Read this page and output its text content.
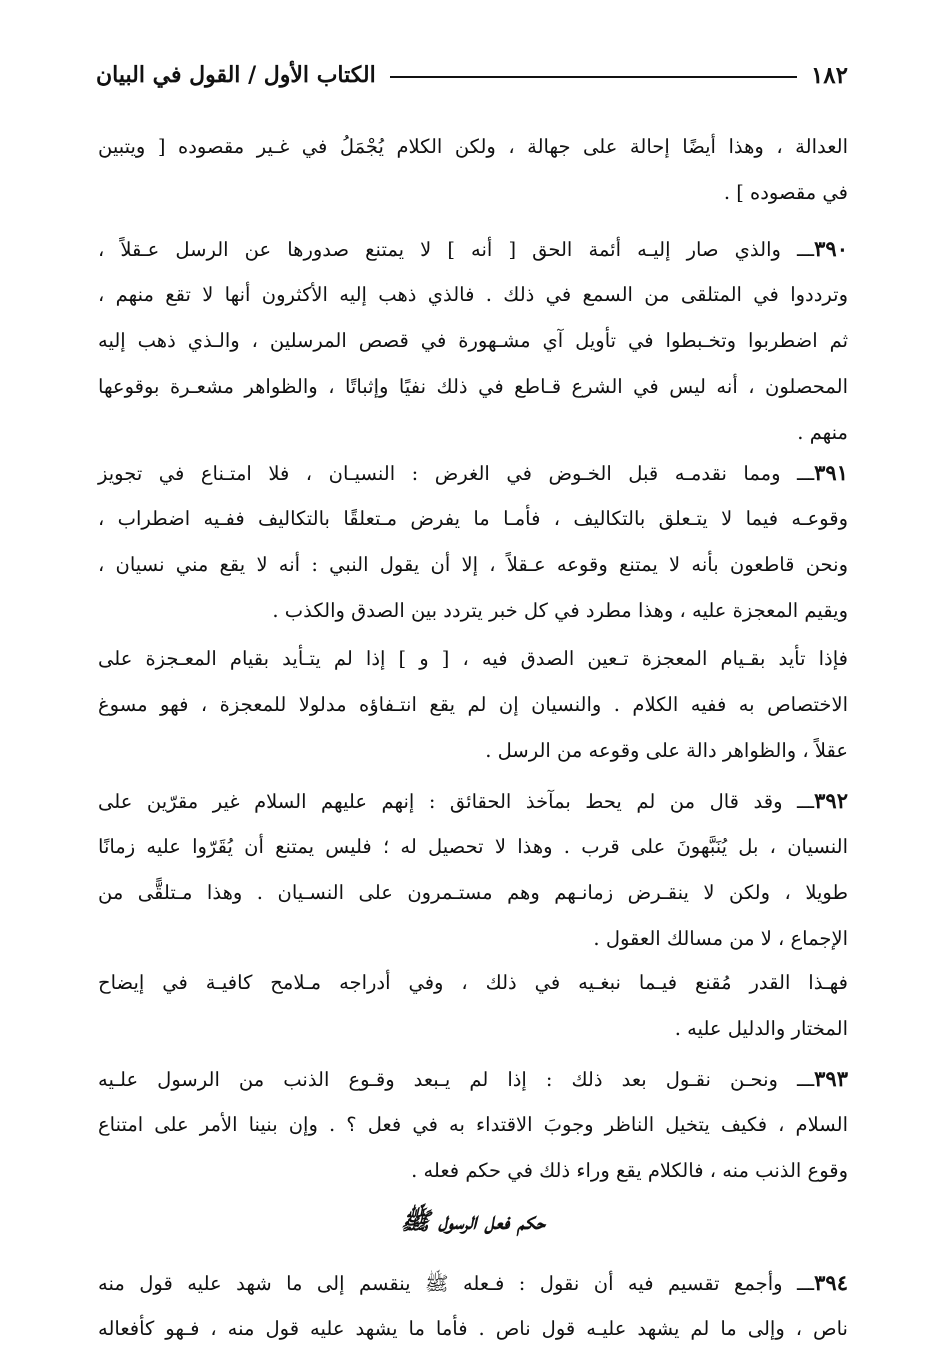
١٨٢
الكتاب الأول / القول في البيان
العدالة ، وهذا أيضًا إحالة على جهالة ، ولكن الكلام يُجْمَلُ في غـير مقصوده [ ويتبين
في مقصوده ] .
٣٩٠ـــ والذي صار إليـه أئمة الحق [ أنه ] لا يمتنع صدورها عن الرسل عـقلاً ،
وترددوا في المتلقى من السمع في ذلك . فالذي ذهب إليه الأكثرون أنها لا تقع منهم ،
ثم اضطربوا وتخـبطوا في تأويل آي مشـهورة في قصص المرسلين ، والـذي ذهب إليه
المحصلون ، أنه ليس في الشرع قـاطع في ذلك نفيًا وإثباتًا ، والظواهر مشعـرة بوقوعها
منهم .
٣٩١ـــ ومما نقدمـه قبل الخـوض في الغرض : النسيـان ، فلا امتـناع في تجويز
وقوعـه فيما لا يتـعلق بالتكاليف ، فأمـا ما يفرض مـتعلقًا بالتكاليف ففـيه اضطراب ،
ونحن قاطعون بأنه لا يمتنع وقوعه عـقلاً ، إلا أن يقول النبي : أنه لا يقع مني نسيان ،
ويقيم المعجزة عليه ، وهذا مطرد في كل خبر يتردد بين الصدق والكذب .
فإذا تأيد بقـيام المعجزة تـعين الصدق فيه ، [ و ] إذا لم يتـأيد بقيام المعـجزة على
الاختصاص به ففيه الكلام . والنسيان إن لم يقع انتـفاؤه مدلولا للمعجزة ، فهو مسوغ
عقلاً ، والظواهر دالة على وقوعه من الرسل .
٣٩٢ـــ وقد قال من لم يحط بمآخذ الحقائق : إنهم عليهم السلام غير مقرّين على
النسيان ، بل يُنَبَّهونَ على قرب . وهذا لا تحصيل له ؛ فليس يمتنع أن يُقَرّوا عليه زمانًا
طويلا ، ولكن لا ينقـرض زمانـهم وهم مستـمرون على النسـيان . وهذا مـتلقًّى من
الإجماع ، لا من مسالك العقول .
فهـذا القدر مُقنع فيـما نبغـيه في ذلك ، وفي أدراجه مـلامح كافيـة في إيضاح
المختار والدليل عليه .
٣٩٣ـــ ونحـن نقـول بعد ذلك : إذا لم يـبعد وقـوع الذنب من الرسول علـيه
السلام ، فكيف يتخيل الناظر وجوبَ الاقتداء به في فعل ؟ . وإن بنينا الأمر على امتناع
وقوع الذنب منه ، فالكلام يقع وراء ذلك في حكم فعله .
حكم فعل الرسول ﷺ
٣٩٤ـــ وأجمع تقسيم فيه أن نقول : فـعله ﷺ ينقسم إلى ما شهد عليه قول منه
ناص ، وإلى ما لم يشهد عليـه قول ناص . فأما ما يشهد عليه قول منه ، فـهو كأفعاله
